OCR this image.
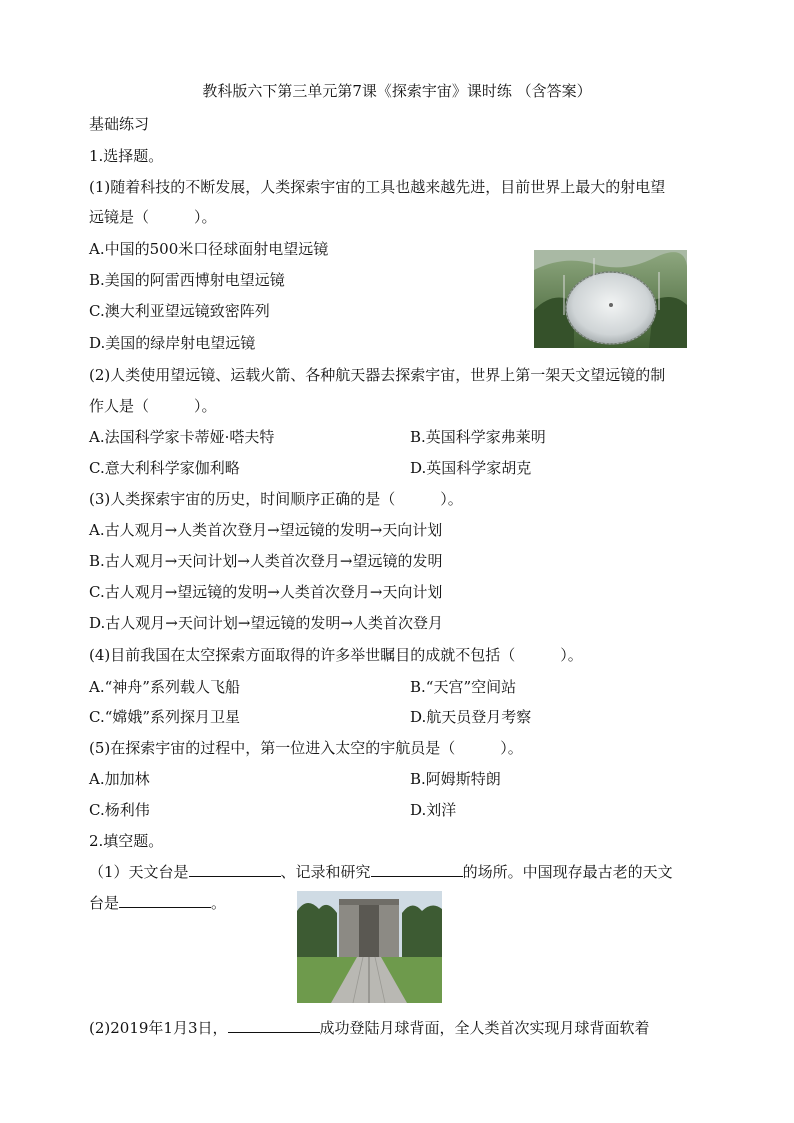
教科版六下第三单元第7课《探索宇宙》课时练 （含答案）
基础练习
1.选择题。
(1)随着科技的不断发展，人类探索宇宙的工具也越来越先进，目前世界上最大的射电望
远镜是（　　　）。
A.中国的500米口径球面射电望远镜
B.美国的阿雷西博射电望远镜
C.澳大利亚望远镜致密阵列
D.美国的绿岸射电望远镜
(2)人类使用望远镜、运载火箭、各种航天器去探索宇宙，世界上第一架天文望远镜的制
作人是（　　　）。
A.法国科学家卡蒂娅·嗒夫特	B.英国科学家弗莱明
C.意大利科学家伽利略	D.英国科学家胡克
(3)人类探索宇宙的历史，时间顺序正确的是（　　　）。
A.古人观月→人类首次登月→望远镜的发明→天向计划
B.古人观月→天问计划→人类首次登月→望远镜的发明
C.古人观月→望远镜的发明→人类首次登月→天向计划
D.古人观月→天问计划→望远镜的发明→人类首次登月
(4)目前我国在太空探索方面取得的许多举世瞩目的成就不包括（　　　）。
A.“神舟”系列载人飞船	B.“天宫”空间站
C.“嫦娥”系列探月卫星	D.航天员登月考察
(5)在探索宇宙的过程中，第一位进入太空的宇航员是（　　　）。
A.加加林	B.阿姆斯特朗
C.杨利伟	D.刘洋
2.填空题。
（1）天文台是	、记录和研究	的场所。中国现存最古老的天文
台是	。
(2)2019年1月3日，	成功登陆月球背面，全人类首次实现月球背面软着
